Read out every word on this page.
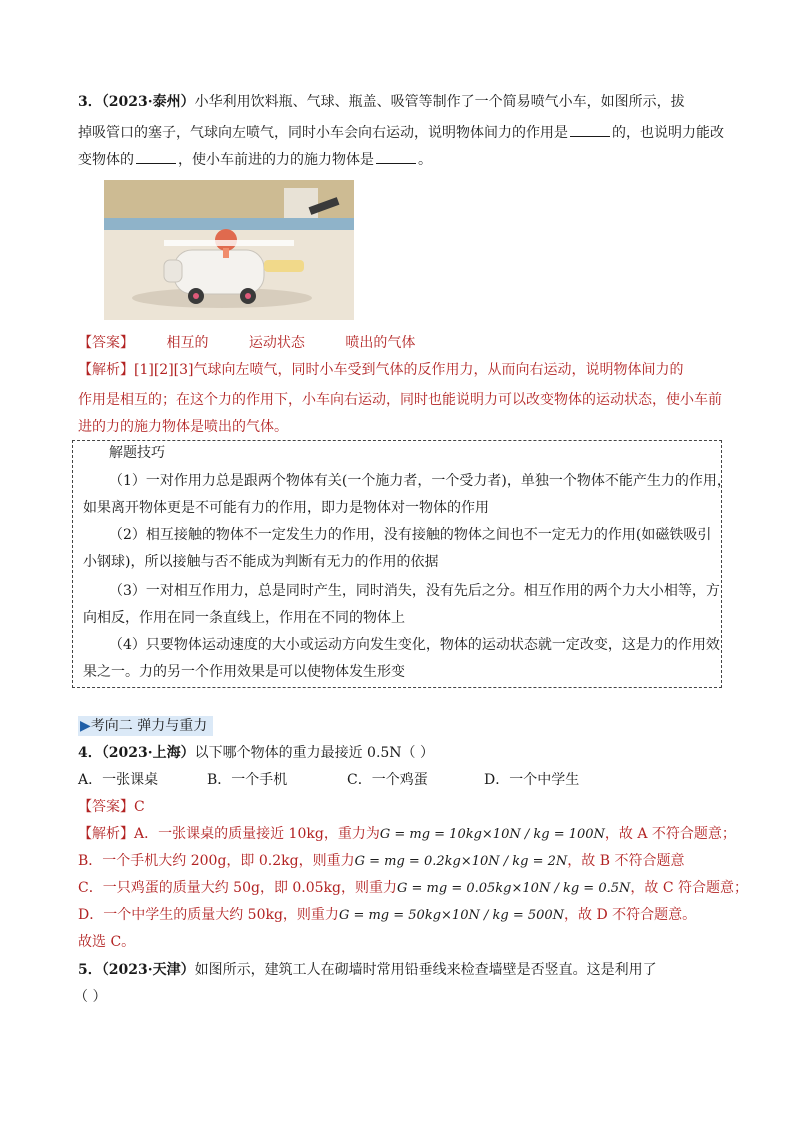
3．（2023·泰州）小华利用饮料瓶、气球、瓶盖、吸管等制作了一个简易喷气小车，如图所示，拔
掉吸管口的塞子，气球向左喷气，同时小车会向右运动，说明物体间力的作用是	的，也说明力能改
变物体的	，使小车前进的力的施力物体是	。
【答案】 相互的	运动状态	喷出的气体
【解析】[1][2][3]气球向左喷气，同时小车受到气体的反作用力，从而向右运动，说明物体间力的
作用是相互的；在这个力的作用下，小车向右运动，同时也能说明力可以改变物体的运动状态，使小车前
进的力的施力物体是喷出的气体。
解题技巧
（1）一对作用力总是跟两个物体有关(一个施力者，一个受力者)，单独一个物体不能产生力的作用，
如果离开物体更是不可能有力的作用，即力是物体对一物体的作用
（2）相互接触的物体不一定发生力的作用，没有接触的物体之间也不一定无力的作用(如磁铁吸引
小钢球)，所以接触与否不能成为判断有无力的作用的依据
（3）一对相互作用力，总是同时产生，同时消失，没有先后之分。相互作用的两个力大小相等，方
向相反，作用在同一条直线上，作用在不同的物体上
（4）只要物体运动速度的大小或运动方向发生变化，物体的运动状态就一定改变，这是力的作用效
果之一。力的另一个作用效果是可以使物体发生形变
▶考向二 弹力与重力
4．（2023·上海）以下哪个物体的重力最接近 0.5N（ ）
A．一张课桌	B．一个手机	C．一个鸡蛋	D．一个中学生
【答案】C
【解析】A．一张课桌的质量接近 10kg，重力为G = mg = 10kg×10N / kg = 100N，故 A 不符合题意；
B．一个手机大约 200g，即 0.2kg，则重力G = mg = 0.2kg×10N / kg = 2N，故 B 不符合题意
C．一只鸡蛋的质量大约 50g，即 0.05kg，则重力G = mg = 0.05kg×10N / kg = 0.5N，故 C 符合题意；
D．一个中学生的质量大约 50kg，则重力G = mg = 50kg×10N / kg = 500N，故 D 不符合题意。
故选 C。
5．（2023·天津）如图所示，建筑工人在砌墙时常用铅垂线来检查墙壁是否竖直。这是利用了
（ ）
